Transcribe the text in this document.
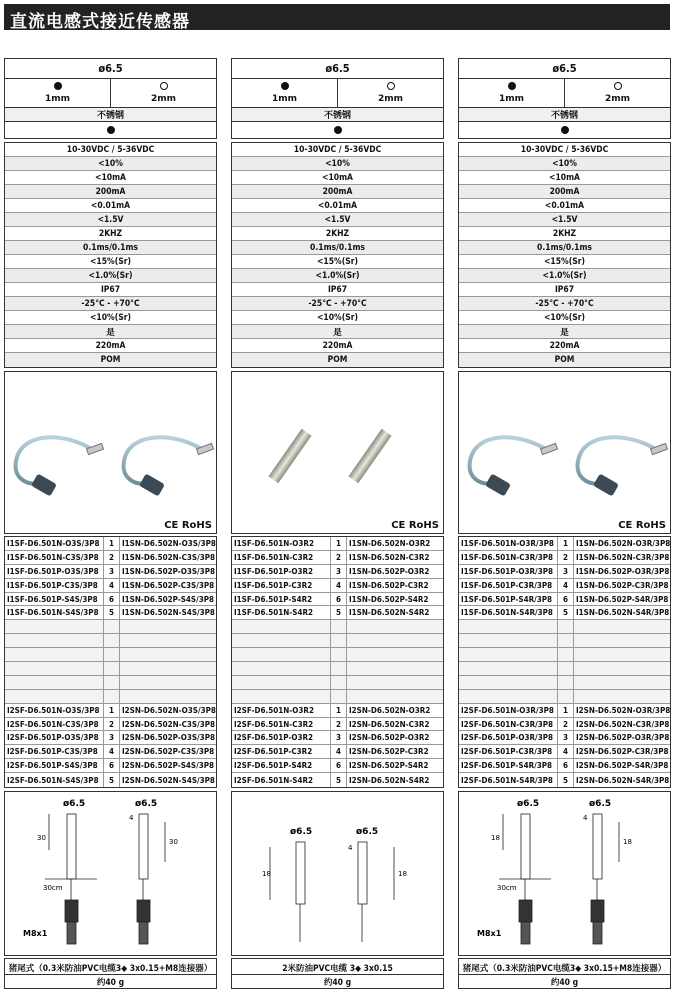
直流电感式接近传感器
ø6.5
1mm	2mm
不锈钢
10-30VDC / 5-36VDC
<10%
<10mA
200mA
<0.01mA
<1.5V
2KHZ
0.1ms/0.1ms
<15%(Sr)
<1.0%(Sr)
IP67
-25°C - +70°C
<10%(Sr)
是
220mA
POM
CE RoHS
I1SF-D6.501N-O3S/3P8	1	I1SN-D6.502N-O3S/3P8
I1SF-D6.501N-C3S/3P8	2	I1SN-D6.502N-C3S/3P8
I1SF-D6.501P-O3S/3P8	3	I1SN-D6.502P-O3S/3P8
I1SF-D6.501P-C3S/3P8	4	I1SN-D6.502P-C3S/3P8
I1SF-D6.501P-S4S/3P8	6	I1SN-D6.502P-S4S/3P8
I1SF-D6.501N-S4S/3P8	5	I1SN-D6.502N-S4S/3P8
I2SF-D6.501N-O3S/3P8	1	I2SN-D6.502N-O3S/3P8
I2SF-D6.501N-C3S/3P8	2	I2SN-D6.502N-C3S/3P8
I2SF-D6.501P-O3S/3P8	3	I2SN-D6.502P-O3S/3P8
I2SF-D6.501P-C3S/3P8	4	I2SN-D6.502P-C3S/3P8
I2SF-D6.501P-S4S/3P8	6	I2SN-D6.502P-S4S/3P8
I2SF-D6.501N-S4S/3P8	5	I2SN-D6.502N-S4S/3P8
ø6.5	ø6.5
30	30
4
30cm
M8x1
猪尾式（0.3米防油PVC电缆3◆ 3x0.15+M8连接器）
约40 g
ø6.5
1mm	2mm
不锈钢
10-30VDC / 5-36VDC
<10%
<10mA
200mA
<0.01mA
<1.5V
2KHZ
0.1ms/0.1ms
<15%(Sr)
<1.0%(Sr)
IP67
-25°C - +70°C
<10%(Sr)
是
220mA
POM
CE RoHS
I1SF-D6.501N-O3R2	1	I1SN-D6.502N-O3R2
I1SF-D6.501N-C3R2	2	I1SN-D6.502N-C3R2
I1SF-D6.501P-O3R2	3	I1SN-D6.502P-O3R2
I1SF-D6.501P-C3R2	4	I1SN-D6.502P-C3R2
I1SF-D6.501P-S4R2	6	I1SN-D6.502P-S4R2
I1SF-D6.501N-S4R2	5	I1SN-D6.502N-S4R2
I2SF-D6.501N-O3R2	1	I2SN-D6.502N-O3R2
I2SF-D6.501N-C3R2	2	I2SN-D6.502N-C3R2
I2SF-D6.501P-O3R2	3	I2SN-D6.502P-O3R2
I2SF-D6.501P-C3R2	4	I2SN-D6.502P-C3R2
I2SF-D6.501P-S4R2	6	I2SN-D6.502P-S4R2
I2SF-D6.501N-S4R2	5	I2SN-D6.502N-S4R2
ø6.5	ø6.5
18	18
4
2米防油PVC电缆 3◆ 3x0.15
约40 g
ø6.5
1mm	2mm
不锈钢
10-30VDC / 5-36VDC
<10%
<10mA
200mA
<0.01mA
<1.5V
2KHZ
0.1ms/0.1ms
<15%(Sr)
<1.0%(Sr)
IP67
-25°C - +70°C
<10%(Sr)
是
220mA
POM
CE RoHS
I1SF-D6.501N-O3R/3P8	1	I1SN-D6.502N-O3R/3P8
I1SF-D6.501N-C3R/3P8	2	I1SN-D6.502N-C3R/3P8
I1SF-D6.501P-O3R/3P8	3	I1SN-D6.502P-O3R/3P8
I1SF-D6.501P-C3R/3P8	4	I1SN-D6.502P-C3R/3P8
I1SF-D6.501P-S4R/3P8	6	I1SN-D6.502P-S4R/3P8
I1SF-D6.501N-S4R/3P8	5	I1SN-D6.502N-S4R/3P8
I2SF-D6.501N-O3R/3P8	1	I2SN-D6.502N-O3R/3P8
I2SF-D6.501N-C3R/3P8	2	I2SN-D6.502N-C3R/3P8
I2SF-D6.501P-O3R/3P8	3	I2SN-D6.502P-O3R/3P8
I2SF-D6.501P-C3R/3P8	4	I2SN-D6.502P-C3R/3P8
I2SF-D6.501P-S4R/3P8	6	I2SN-D6.502P-S4R/3P8
I2SF-D6.501N-S4R/3P8	5	I2SN-D6.502N-S4R/3P8
ø6.5	ø6.5
18	18
4
30cm
M8x1
猪尾式（0.3米防油PVC电缆3◆ 3x0.15+M8连接器）
约40 g
